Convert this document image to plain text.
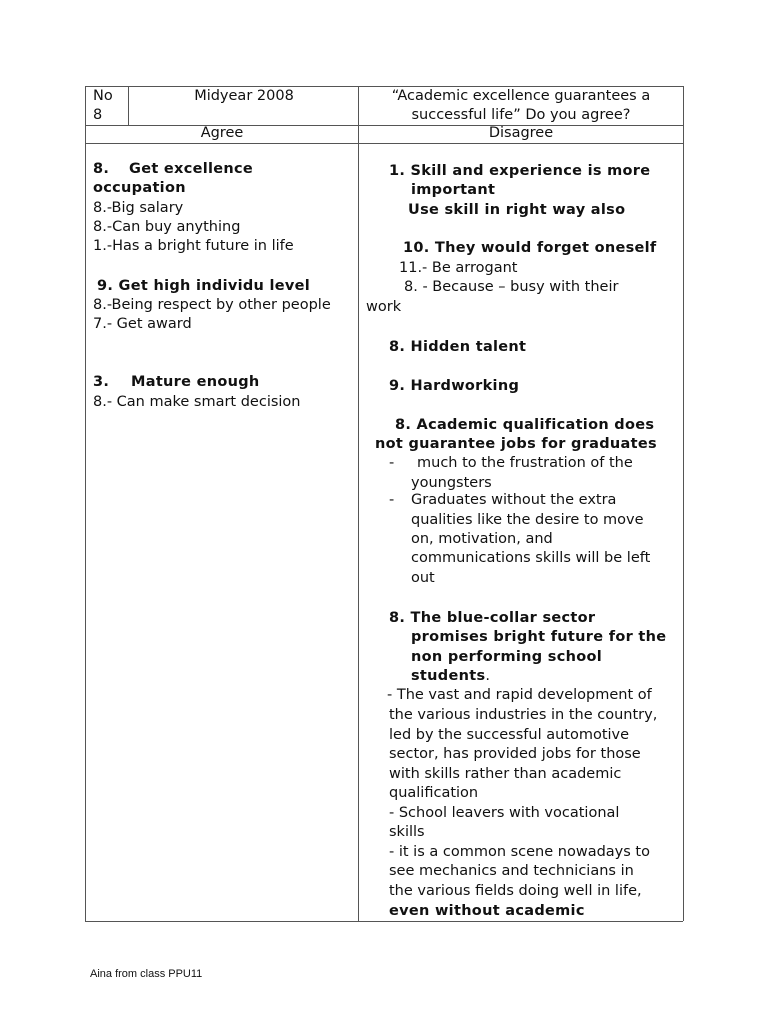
No
8
Midyear 2008	“Academic excellence guarantees a
successful life” Do you agree?
Agree	Disagree
8. Get excellence
occupation
8.-Big salary
8.-Can buy anything
1.-Has a bright future in life
9. Get high individu level
8.-Being respect by other people
7.- Get award
3. Mature enough
8.- Can make smart decision
1. Skill and experience is more
important
Use skill in right way also
10. They would forget oneself
11.- Be arrogant
8. - Because – busy with their
work
8. Hidden talent
9. Hardworking
8. Academic qualification does
not guarantee jobs for graduates
- much to the frustration of the
youngsters
- Graduates without the extra
qualities like the desire to move
on, motivation, and
communications skills will be left
out
8. The blue-collar sector
promises bright future for the
non performing school
students.
- The vast and rapid development of
the various industries in the country,
led by the successful automotive
sector, has provided jobs for those
with skills rather than academic
qualification
- School leavers with vocational
skills
- it is a common scene nowadays to
see mechanics and technicians in
the various fields doing well in life,
even without academic
Aina from class PPU11
